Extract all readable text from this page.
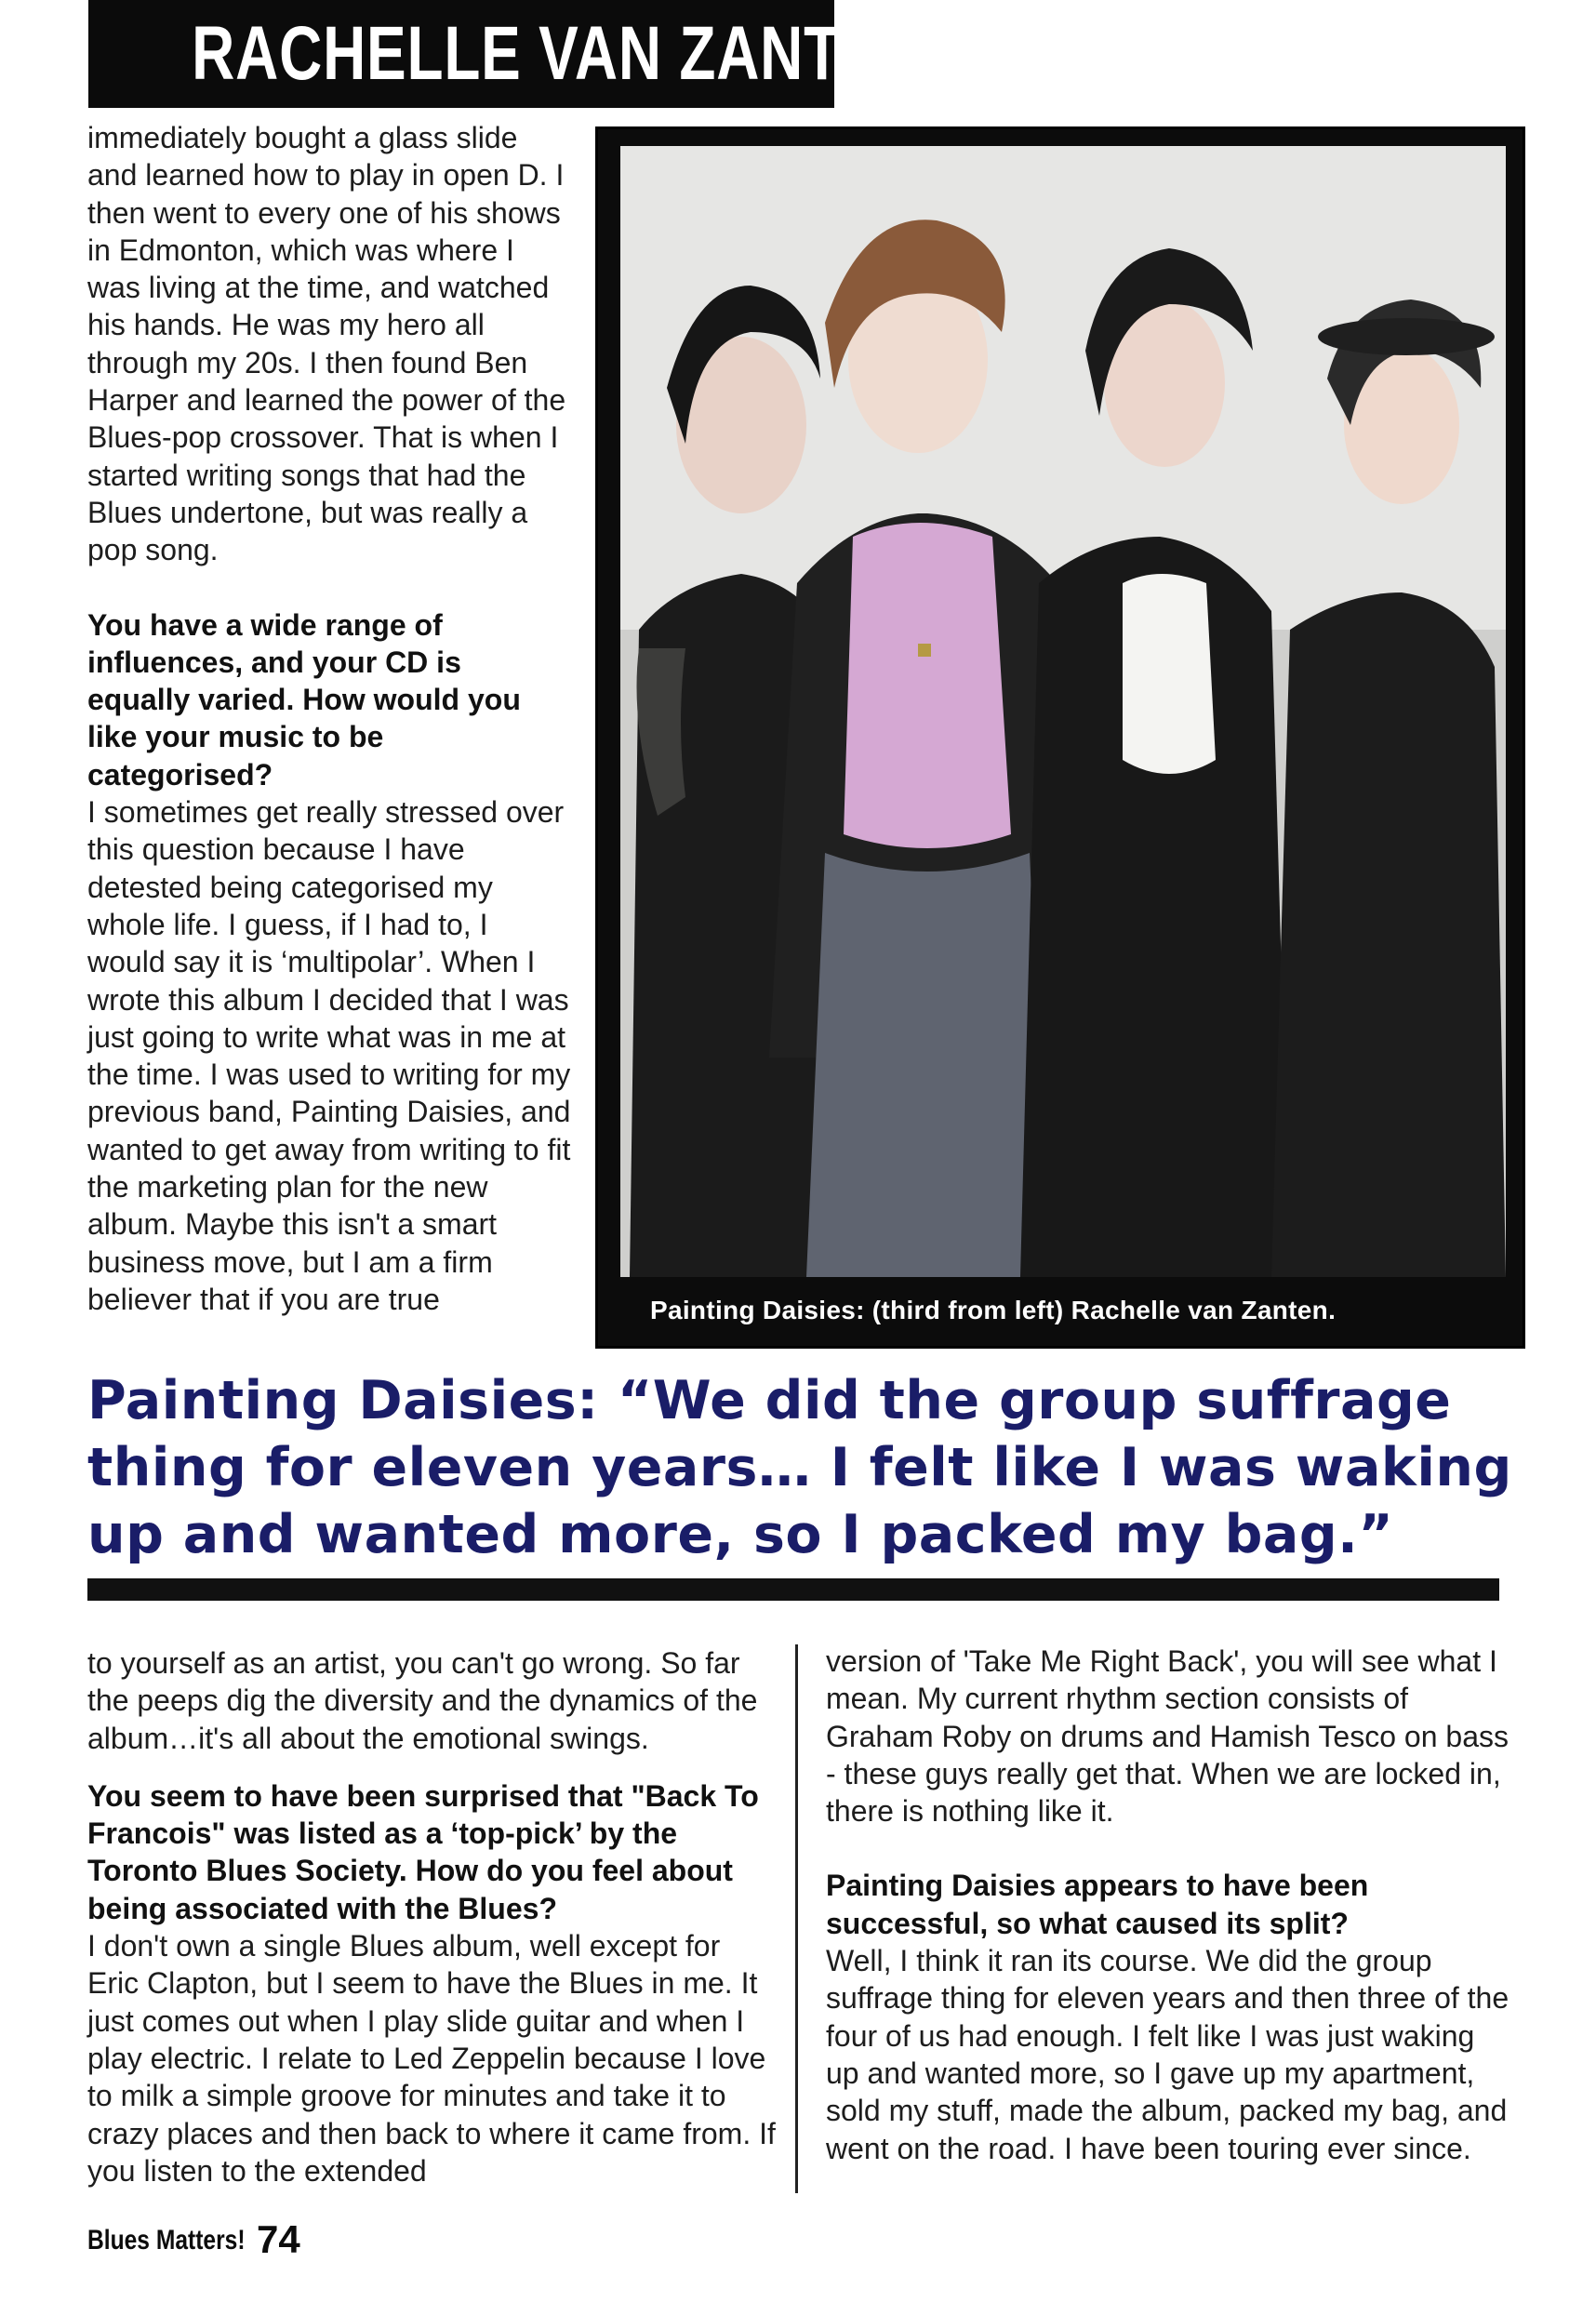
RACHELLE VAN ZANTEN

immediately bought a glass slide and learned how to play in open D. I then went to every one of his shows in Edmonton, which was where I was living at the time, and watched his hands. He was my hero all through my 20s. I then found Ben Harper and learned the power of the Blues-pop crossover. That is when I started writing songs that had the Blues undertone, but was really a pop song.

You have a wide range of influences, and your CD is equally varied. How would you like your music to be categorised?

I sometimes get really stressed over this question because I have detested being categorised my whole life. I guess, if I had to, I would say it is ‘multipolar’. When I wrote this album I decided that I was just going to write what was in me at the time. I was used to writing for my previous band, Painting Daisies, and wanted to get away from writing to fit the marketing plan for the new album. Maybe this isn't a smart business move, but I am a firm believer that if you are true	Painting Daisies: (third from left) Rachelle van Zanten.
Painting Daisies: “We did the group suffrage thing for eleven years… I felt like I was waking up and wanted more, so I packed my bag.”

to yourself as an artist, you can't go wrong. So far the peeps dig the diversity and the dynamics of the album…it's all about the emotional swings.

You seem to have been surprised that "Back To Francois" was listed as a ‘top-pick’ by the Toronto Blues Society. How do you feel about being associated with the Blues?

I don't own a single Blues album, well except for Eric Clapton, but I seem to have the Blues in me. It just comes out when I play slide guitar and when I play electric. I relate to Led Zeppelin because I love to milk a simple groove for minutes and take it to crazy places and then back to where it came from. If you listen to the extended

version of 'Take Me Right Back', you will see what I mean. My current rhythm section consists of Graham Roby on drums and Hamish Tesco on bass - these guys really get that. When we are locked in, there is nothing like it.

Painting Daisies appears to have been successful, so what caused its split?

Well, I think it ran its course. We did the group suffrage thing for eleven years and then three of the four of us had enough. I felt like I was just waking up and wanted more, so I gave up my apartment, sold my stuff, made the album, packed my bag, and went on the road. I have been touring ever since.

Blues Matters! 74
